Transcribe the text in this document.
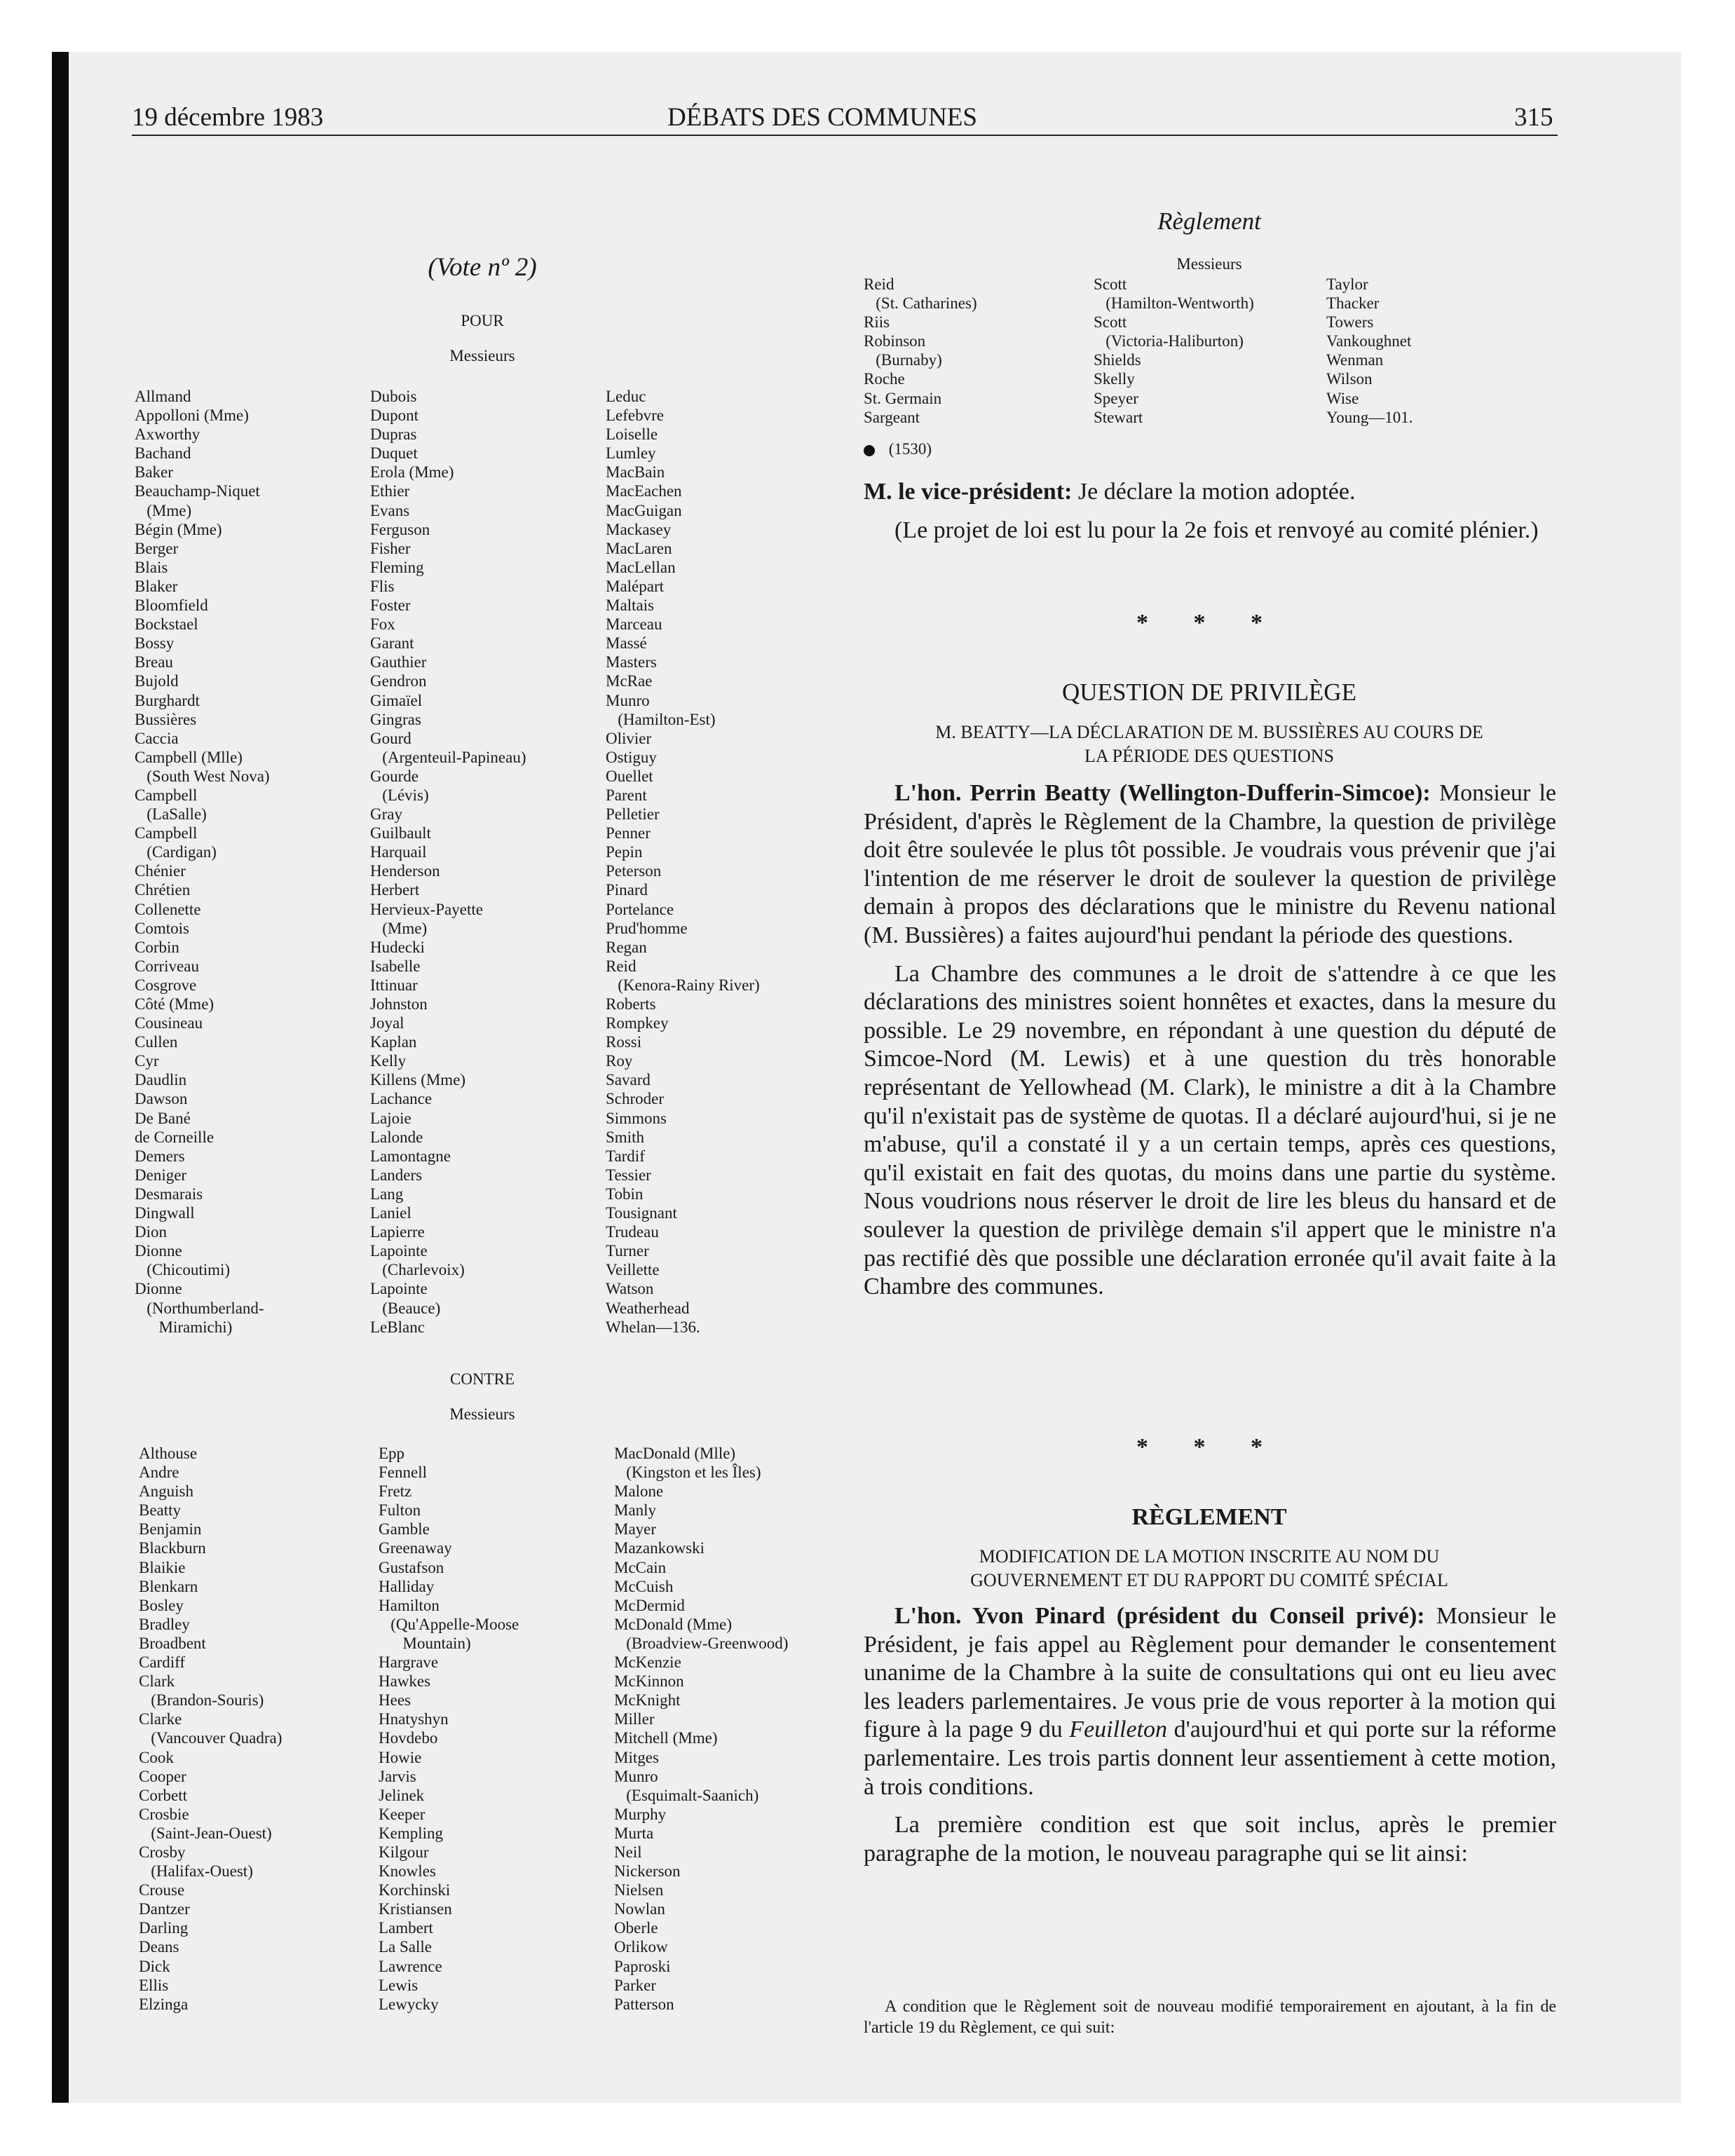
19 décembre 1983	DÉBATS DES COMMUNES	315
(Vote nº 2)
POUR
Messieurs
Allmand
Appolloni (Mme)
Axworthy
Bachand
Baker
Beauchamp-Niquet
(Mme)
Bégin (Mme)
Berger
Blais
Blaker
Bloomfield
Bockstael
Bossy
Breau
Bujold
Burghardt
Bussières
Caccia
Campbell (Mlle)
(South West Nova)
Campbell
(LaSalle)
Campbell
(Cardigan)
Chénier
Chrétien
Collenette
Comtois
Corbin
Corriveau
Cosgrove
Côté (Mme)
Cousineau
Cullen
Cyr
Daudlin
Dawson
De Bané
de Corneille
Demers
Deniger
Desmarais
Dingwall
Dion
Dionne
(Chicoutimi)
Dionne
(Northumberland-
Miramichi)
Dubois
Dupont
Dupras
Duquet
Erola (Mme)
Ethier
Evans
Ferguson
Fisher
Fleming
Flis
Foster
Fox
Garant
Gauthier
Gendron
Gimaïel
Gingras
Gourd
(Argenteuil-Papineau)
Gourde
(Lévis)
Gray
Guilbault
Harquail
Henderson
Herbert
Hervieux-Payette
(Mme)
Hudecki
Isabelle
Ittinuar
Johnston
Joyal
Kaplan
Kelly
Killens (Mme)
Lachance
Lajoie
Lalonde
Lamontagne
Landers
Lang
Laniel
Lapierre
Lapointe
(Charlevoix)
Lapointe
(Beauce)
LeBlanc
Leduc
Lefebvre
Loiselle
Lumley
MacBain
MacEachen
MacGuigan
Mackasey
MacLaren
MacLellan
Malépart
Maltais
Marceau
Massé
Masters
McRae
Munro
(Hamilton-Est)
Olivier
Ostiguy
Ouellet
Parent
Pelletier
Penner
Pepin
Peterson
Pinard
Portelance
Prud'homme
Regan
Reid
(Kenora-Rainy River)
Roberts
Rompkey
Rossi
Roy
Savard
Schroder
Simmons
Smith
Tardif
Tessier
Tobin
Tousignant
Trudeau
Turner
Veillette
Watson
Weatherhead
Whelan—136.
CONTRE
Messieurs
Althouse
Andre
Anguish
Beatty
Benjamin
Blackburn
Blaikie
Blenkarn
Bosley
Bradley
Broadbent
Cardiff
Clark
(Brandon-Souris)
Clarke
(Vancouver Quadra)
Cook
Cooper
Corbett
Crosbie
(Saint-Jean-Ouest)
Crosby
(Halifax-Ouest)
Crouse
Dantzer
Darling
Deans
Dick
Ellis
Elzinga
Epp
Fennell
Fretz
Fulton
Gamble
Greenaway
Gustafson
Halliday
Hamilton
(Qu'Appelle-Moose
Mountain)
Hargrave
Hawkes
Hees
Hnatyshyn
Hovdebo
Howie
Jarvis
Jelinek
Keeper
Kempling
Kilgour
Knowles
Korchinski
Kristiansen
Lambert
La Salle
Lawrence
Lewis
Lewycky
MacDonald (Mlle)
(Kingston et les Îles)
Malone
Manly
Mayer
Mazankowski
McCain
McCuish
McDermid
McDonald (Mme)
(Broadview-Greenwood)
McKenzie
McKinnon
McKnight
Miller
Mitchell (Mme)
Mitges
Munro
(Esquimalt-Saanich)
Murphy
Murta
Neil
Nickerson
Nielsen
Nowlan
Oberle
Orlikow
Paproski
Parker
Patterson
Règlement
Messieurs
Reid
(St. Catharines)
Riis
Robinson
(Burnaby)
Roche
St. Germain
Sargeant
Scott
(Hamilton-Wentworth)
Scott
(Victoria-Haliburton)
Shields
Skelly
Speyer
Stewart
Taylor
Thacker
Towers
Vankoughnet
Wenman
Wilson
Wise
Young—101.
(1530)

M. le vice-président: Je déclare la motion adoptée.

(Le projet de loi est lu pour la 2e fois et renvoyé au comité plénier.)

* * *
QUESTION DE PRIVILÈGE
M. BEATTY—LA DÉCLARATION DE M. BUSSIÈRES AU COURS DE
LA PÉRIODE DES QUESTIONS

L'hon. Perrin Beatty (Wellington-Dufferin-Simcoe): Monsieur le Président, d'après le Règlement de la Chambre, la question de privilège doit être soulevée le plus tôt possible. Je voudrais vous prévenir que j'ai l'intention de me réserver le droit de soulever la question de privilège demain à propos des déclarations que le ministre du Revenu national (M. Bussières) a faites aujourd'hui pendant la période des questions.

La Chambre des communes a le droit de s'attendre à ce que les déclarations des ministres soient honnêtes et exactes, dans la mesure du possible. Le 29 novembre, en répondant à une question du député de Simcoe-Nord (M. Lewis) et à une question du très honorable représentant de Yellowhead (M. Clark), le ministre a dit à la Chambre qu'il n'existait pas de système de quotas. Il a déclaré aujourd'hui, si je ne m'abuse, qu'il a constaté il y a un certain temps, après ces questions, qu'il existait en fait des quotas, du moins dans une partie du système. Nous voudrions nous réserver le droit de lire les bleus du hansard et de soulever la question de privilège demain s'il appert que le ministre n'a pas rectifié dès que possible une déclaration erronée qu'il avait faite à la Chambre des communes.

* * *
RÈGLEMENT
MODIFICATION DE LA MOTION INSCRITE AU NOM DU
GOUVERNEMENT ET DU RAPPORT DU COMITÉ SPÉCIAL

L'hon. Yvon Pinard (président du Conseil privé): Monsieur le Président, je fais appel au Règlement pour demander le consentement unanime de la Chambre à la suite de consultations qui ont eu lieu avec les leaders parlementaires. Je vous prie de vous reporter à la motion qui figure à la page 9 du Feuilleton d'aujourd'hui et qui porte sur la réforme parlementaire. Les trois partis donnent leur assentiement à cette motion, à trois conditions.

La première condition est que soit inclus, après le premier paragraphe de la motion, le nouveau paragraphe qui se lit ainsi:

A condition que le Règlement soit de nouveau modifié temporairement en ajoutant, à la fin de l'article 19 du Règlement, ce qui suit:
